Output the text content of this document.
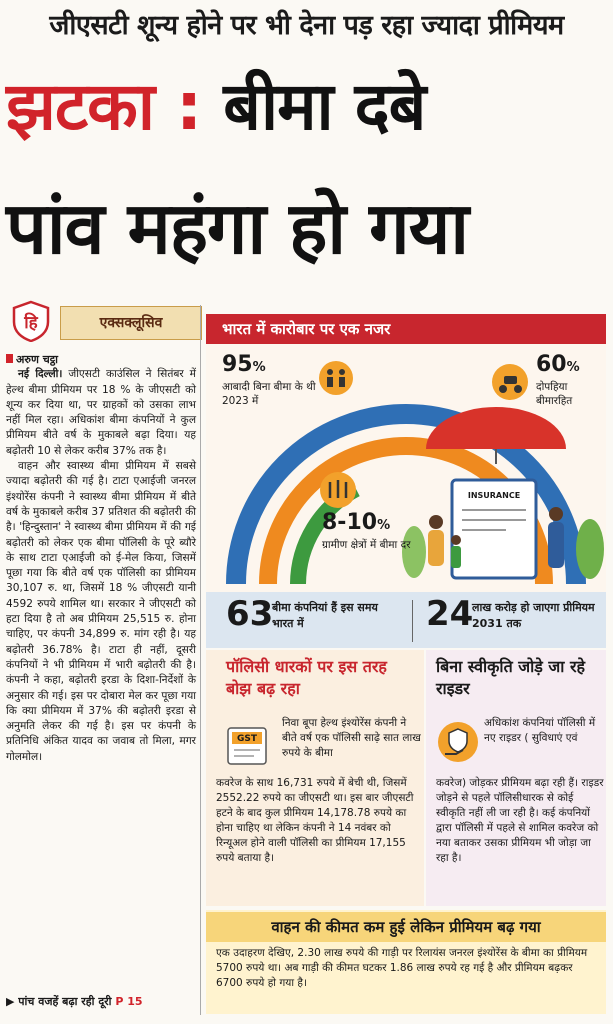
जीएसटी शून्य होने पर भी देना पड़ रहा ज्यादा प्रीमियम
झटका : बीमा दबे
पांव महंगा हो गया
हि	एक्सक्लूसिव

अरुण चट्ठा

नई दिल्ली। जीएसटी काउंसिल ने सितंबर में हेल्थ बीमा प्रीमियम पर 18 % के जीएसटी को शून्य कर दिया था, पर ग्राहकों को उसका लाभ नहीं मिल रहा। अधिकांश बीमा कंपनियों ने कुल प्रीमियम बीते वर्ष के मुकाबले बढ़ा दिया। यह बढ़ोतरी 10 से लेकर करीब 37% तक है।

वाहन और स्वास्थ्य बीमा प्रीमियम में सबसे ज्यादा बढ़ोतरी की गई है। टाटा एआईजी जनरल इंश्योरेंस कंपनी ने स्वास्थ्य बीमा प्रीमियम में बीते वर्ष के मुकाबले करीब 37 प्रतिशत की बढ़ोतरी की है। 'हिन्दुस्तान' ने स्वास्थ्य बीमा प्रीमियम में की गई बढ़ोतरी को लेकर एक बीमा पॉलिसी के पूरे ब्यौरे के साथ टाटा एआईजी को ई-मेल किया, जिसमें पूछा गया कि बीते वर्ष एक पॉलिसी का प्रीमियम 30,107 रु. था, जिसमें 18 % जीएसटी यानी 4592 रुपये शामिल था। सरकार ने जीएसटी को हटा दिया है तो अब प्रीमियम 25,515 रु. होना चाहिए, पर कंपनी 34,899 रु. मांग रही है। यह बढ़ोतरी 36.78% है। टाटा ही नहीं, दूसरी कंपनियों ने भी प्रीमियम में भारी बढ़ोतरी की है। कंपनी ने कहा, बढ़ोतरी इरडा के दिशा-निर्देशों के अनुसार की गई। इस पर दोबारा मेल कर पूछा गया कि क्या प्रीमियम में 37% की बढ़ोतरी इरडा से अनुमति लेकर की गई है। इस पर कंपनी के प्रतिनिधि अंकित यादव का जवाब तो मिला, मगर गोलमोल।

▶ पांच वजहें बढ़ा रही दूरी P 15
भारत में कारोबार पर एक नजर
INSURANCE
95%
आबादी बिना बीमा के थी 2023 में
60%
दोपहिया बीमारहित
8-10%
ग्रामीण क्षेत्रों में बीमा दर
63
बीमा कंपनियां हैं इस समय भारत में	24
लाख करोड़ हो जाएगा प्रीमियम 2031 तक
पॉलिसी धारकों पर इस तरह बोझ बढ़ रहा
GST
निवा बूपा हेल्थ इंश्योरेंस कंपनी ने बीते वर्ष एक पॉलिसी साढ़े सात लाख रुपये के बीमा
कवरेज के साथ 16,731 रुपये में बेची थी, जिसमें 2552.22 रुपये का जीएसटी था। इस बार जीएसटी हटने के बाद कुल प्रीमियम 14,178.78 रुपये का होना चाहिए था लेकिन कंपनी ने 14 नवंबर को रिन्यूअल होने वाली पॉलिसी का प्रीमियम 17,155 रुपये बताया है।
बिना स्वीकृति जोड़े जा रहे राइडर
अधिकांश कंपनियां पॉलिसी में नए राइडर ( सुविधाएं एवं
कवरेज) जोड़कर प्रीमियम बढ़ा रही हैं। राइडर जोड़ने से पहले पॉलिसीधारक से कोई स्वीकृति नहीं ली जा रही है। कई कंपनियों द्वारा पॉलिसी में पहले से शामिल कवरेज को नया बताकर उसका प्रीमियम भी जोड़ा जा रहा है।
वाहन की कीमत कम हुई लेकिन प्रीमियम बढ़ गया
एक उदाहरण देखिए, 2.30 लाख रुपये की गाड़ी पर रिलायंस जनरल इंश्योरेंस के बीमा का प्रीमियम 5700 रुपये था। अब गाड़ी की कीमत घटकर 1.86 लाख रुपये रह गई है और प्रीमियम बढ़कर 6700 रुपये हो गया है।
